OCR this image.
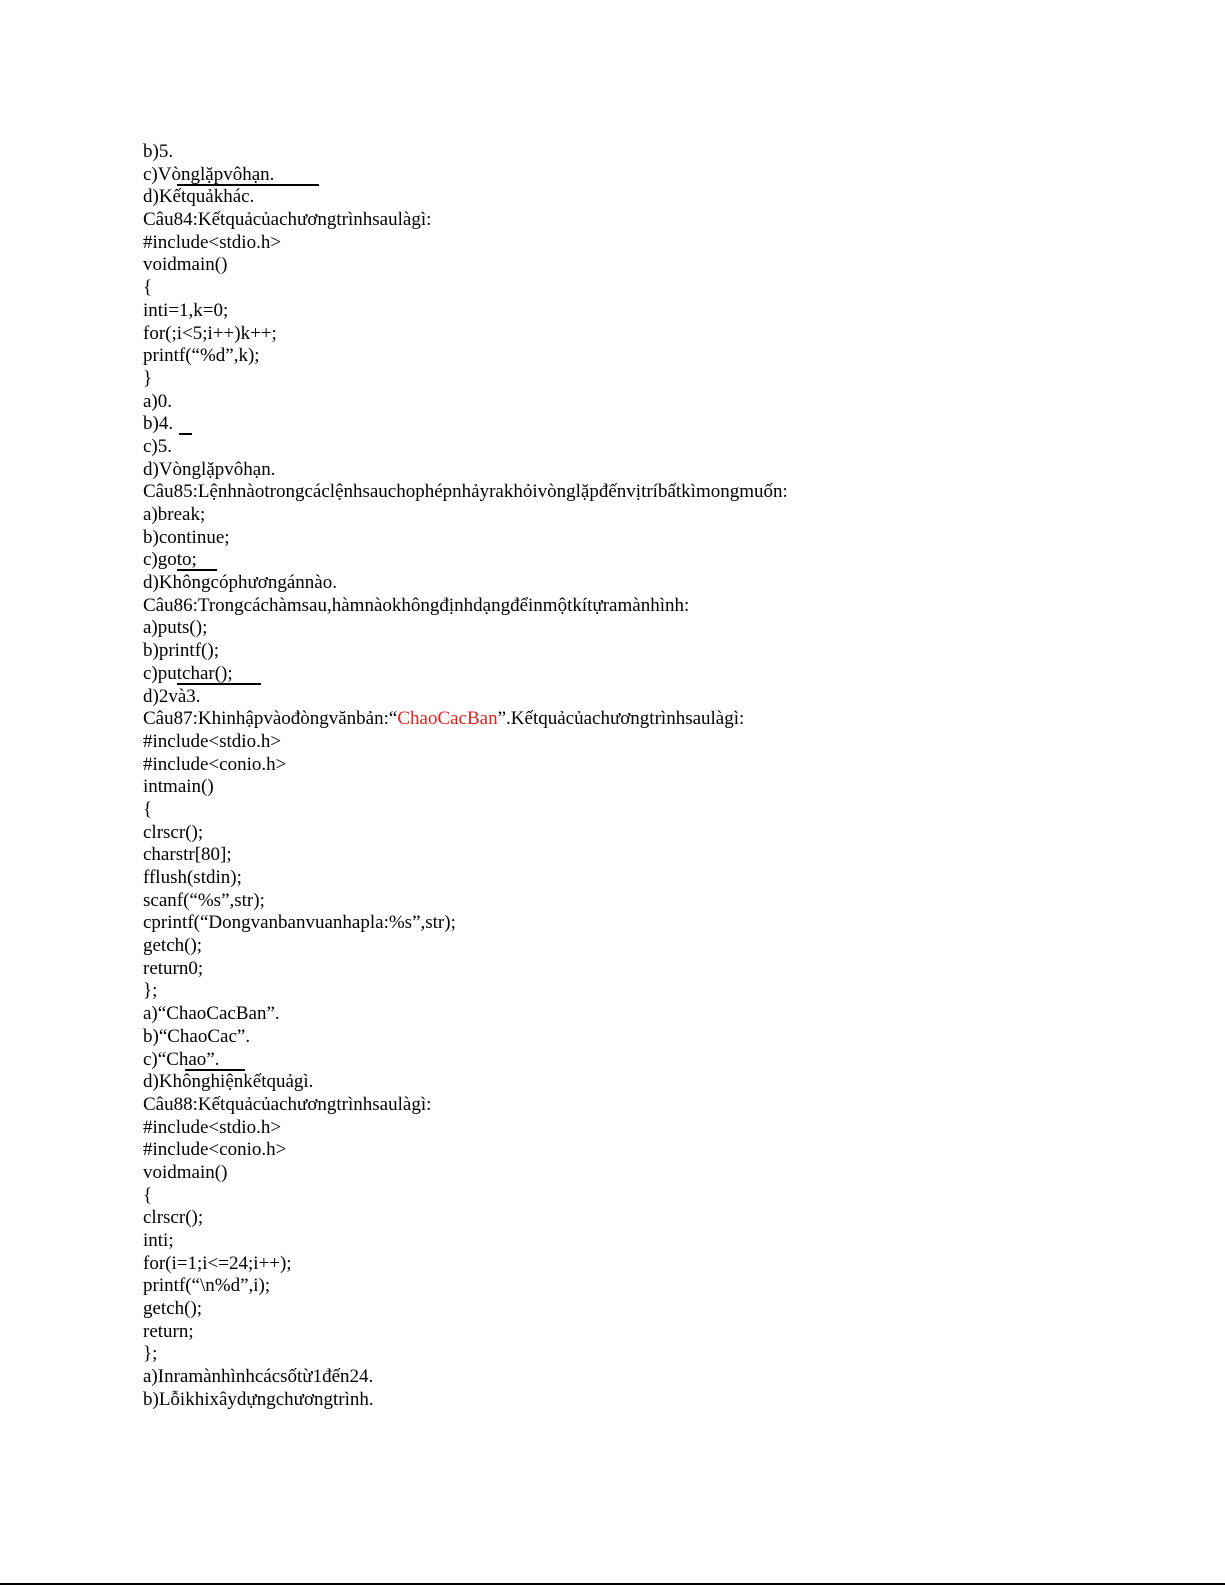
b)5.
c)Vònglặpvôhạn.
d)Kếtquảkhác.
Câu84:Kếtquảcủachươngtrìnhsaulàgì:
#include<stdio.h>
voidmain()
{
inti=1,k=0;
for(;i<5;i++)k++;
printf(“%d”,k);
}
a)0.
b)4.
c)5.
d)Vònglặpvôhạn.
Câu85:Lệnhnàotrongcáclệnhsauchophépnhảyrakhỏivònglặpđếnvịtríbấtkìmongmuốn:
a)break;
b)continue;
c)goto;
d)Khôngcóphươngánnào.
Câu86:Trongcáchàmsau,hàmnàokhôngđịnhdạngđểinmộtkítựramànhình:
a)puts();
b)printf();
c)putchar();
d)2và3.
Câu87:Khinhậpvàođòngvănbản:“ChaoCacBan”.Kếtquảcủachươngtrìnhsaulàgì:
#include<stdio.h>
#include<conio.h>
intmain()
{
clrscr();
charstr[80];
fflush(stdin);
scanf(“%s”,str);
cprintf(“Dongvanbanvuanhapla:%s”,str);
getch();
return0;
};
a)“ChaoCacBan”.
b)“ChaoCac”.
c)“Chao”.
d)Khônghiệnkếtquảgì.
Câu88:Kếtquảcủachươngtrìnhsaulàgì:
#include<stdio.h>
#include<conio.h>
voidmain()
{
clrscr();
inti;
for(i=1;i<=24;i++);
printf(“\n%d”,i);
getch();
return;
};
a)Inramànhìnhcácsốtừ1đến24.
b)Lỗikhixâydựngchươngtrình.
